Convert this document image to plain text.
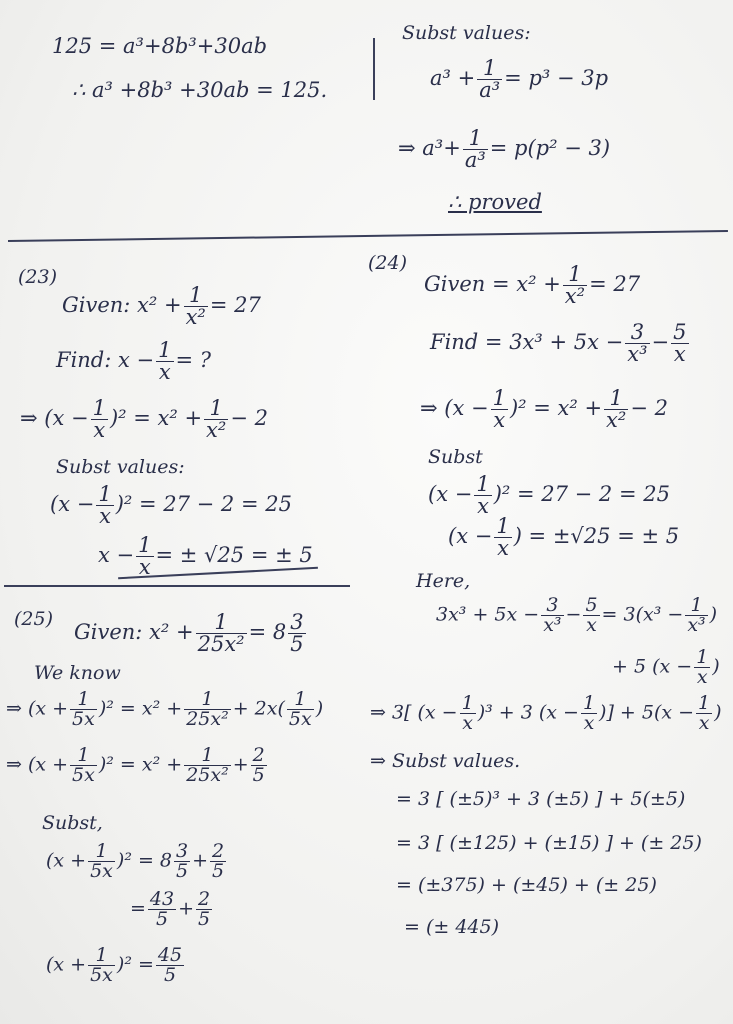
125 = a³+8b³+30ab
∴ a³ +8b³ +30ab = 125.
Subst values:
$a^3 + \frac{1}{\text{a³}} = p^3 - 3p$
⇒ $a^3+ \frac{1}{\text{a³}} = p(p^2 - 3)$
∴ proved
(23)
Given: $x^2 + \frac{1}{\text{x²}} = 27$
Find: $x - \frac{1}{x}$ = ?
⇒ $(x - \frac{1}{x} )^2 = x^2 + \frac{1}{\text{x²}} - 2$
Subst values:
$(x - \frac{1}{x} )^2 = 27 - 2 = 25$
$x - \frac{1}{x}$ = ± √25 = ± 5
(24)
Given = $x^2 + \frac{1}{\text{x²}} = 27$
Find = $3x^3 + 5x - \frac{3}{\text{x³}} - \frac{5}{x}$
⇒ $(x - \frac{1}{x} )^2 = x^2 + \frac{1}{\text{x²}} - 2$
Subst
$(x - \frac{1}{x} )^2 = 27 - 2 = 25$
($x - \frac{1}{x}$ ) = ±√25 = ± 5
Here,
$3x^3 + 5x - \frac{3}{\text{x³}} - \frac{5}{x} = 3(x^3 - \frac{1}{\text{x³}}$ )
+ 5 ($x - \frac{1}{x}$ )
⇒ 3[ $(x - \frac{1}{x} )^3 + 3$ ($x - \frac{1}{x}$ )] + $5(x - \frac{1}{x}$ )
⇒ Subst values.
= 3 [ (±5)³ + 3 (±5) ] + 5(±5)
= 3 [ (±125) + (±15) ] + (± 25)
= (±375) + (±45) + (± 25)
= (± 445)
(25)
Given: $x^2 + \frac{1}{\text{25x²}} = 8 \frac{3}{5}$
We know
⇒ $(x + \frac{1}{5x} )^2 = x^2 + \frac{1}{\text{25x²}} + 2x( \frac{1}{5x}$ )
⇒ $(x + \frac{1}{5x} )^2 = x^2 + \frac{1}{\text{25x²}} + \frac{2}{5}$
Subst,
$(x + \frac{1}{5x} )^2 = 8 \frac{3}{5} + \frac{2}{5}$
= $\frac{43}{5} + \frac{2}{5}$
$(x + \frac{1}{5x} )^2 = \frac{45}{5}$
